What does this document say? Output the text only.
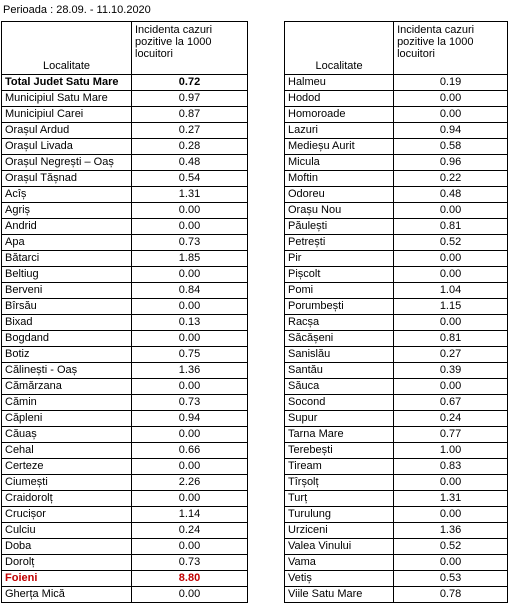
Perioada : 28.09. - 11.10.2020
Localitate	Incidenta cazuri pozitive la 1000 locuitori
Total Judet Satu Mare	0.72
Municipiul Satu Mare	0.97
Municipiul Carei	0.87
Orașul Ardud	0.27
Orașul Livada	0.28
Orașul Negrești – Oaș	0.48
Orașul Tășnad	0.54
Acîș	1.31
Agriș	0.00
Andrid	0.00
Apa	0.73
Bătarci	1.85
Beltiug	0.00
Berveni	0.84
Bîrsău	0.00
Bixad	0.13
Bogdand	0.00
Botiz	0.75
Călinești - Oaș	1.36
Cămărzana	0.00
Cămin	0.73
Căpleni	0.94
Căuaș	0.00
Cehal	0.66
Certeze	0.00
Ciumești	2.26
Craidorolț	0.00
Crucișor	1.14
Culciu	0.24
Doba	0.00
Dorolț	0.73
Foieni	8.80
Gherța Mică	0.00
Localitate	Incidenta cazuri pozitive la 1000 locuitori
Halmeu	0.19
Hodod	0.00
Homoroade	0.00
Lazuri	0.94
Medieșu Aurit	0.58
Micula	0.96
Moftin	0.22
Odoreu	0.48
Orașu Nou	0.00
Păulești	0.81
Petrești	0.52
Pir	0.00
Pișcolt	0.00
Pomi	1.04
Porumbești	1.15
Racșa	0.00
Săcășeni	0.81
Sanislău	0.27
Santău	0.39
Săuca	0.00
Socond	0.67
Supur	0.24
Tarna Mare	0.77
Terebești	1.00
Tiream	0.83
Tîrșolț	0.00
Turț	1.31
Turulung	0.00
Urziceni	1.36
Valea Vinului	0.52
Vama	0.00
Vetiș	0.53
Viile Satu Mare	0.78
